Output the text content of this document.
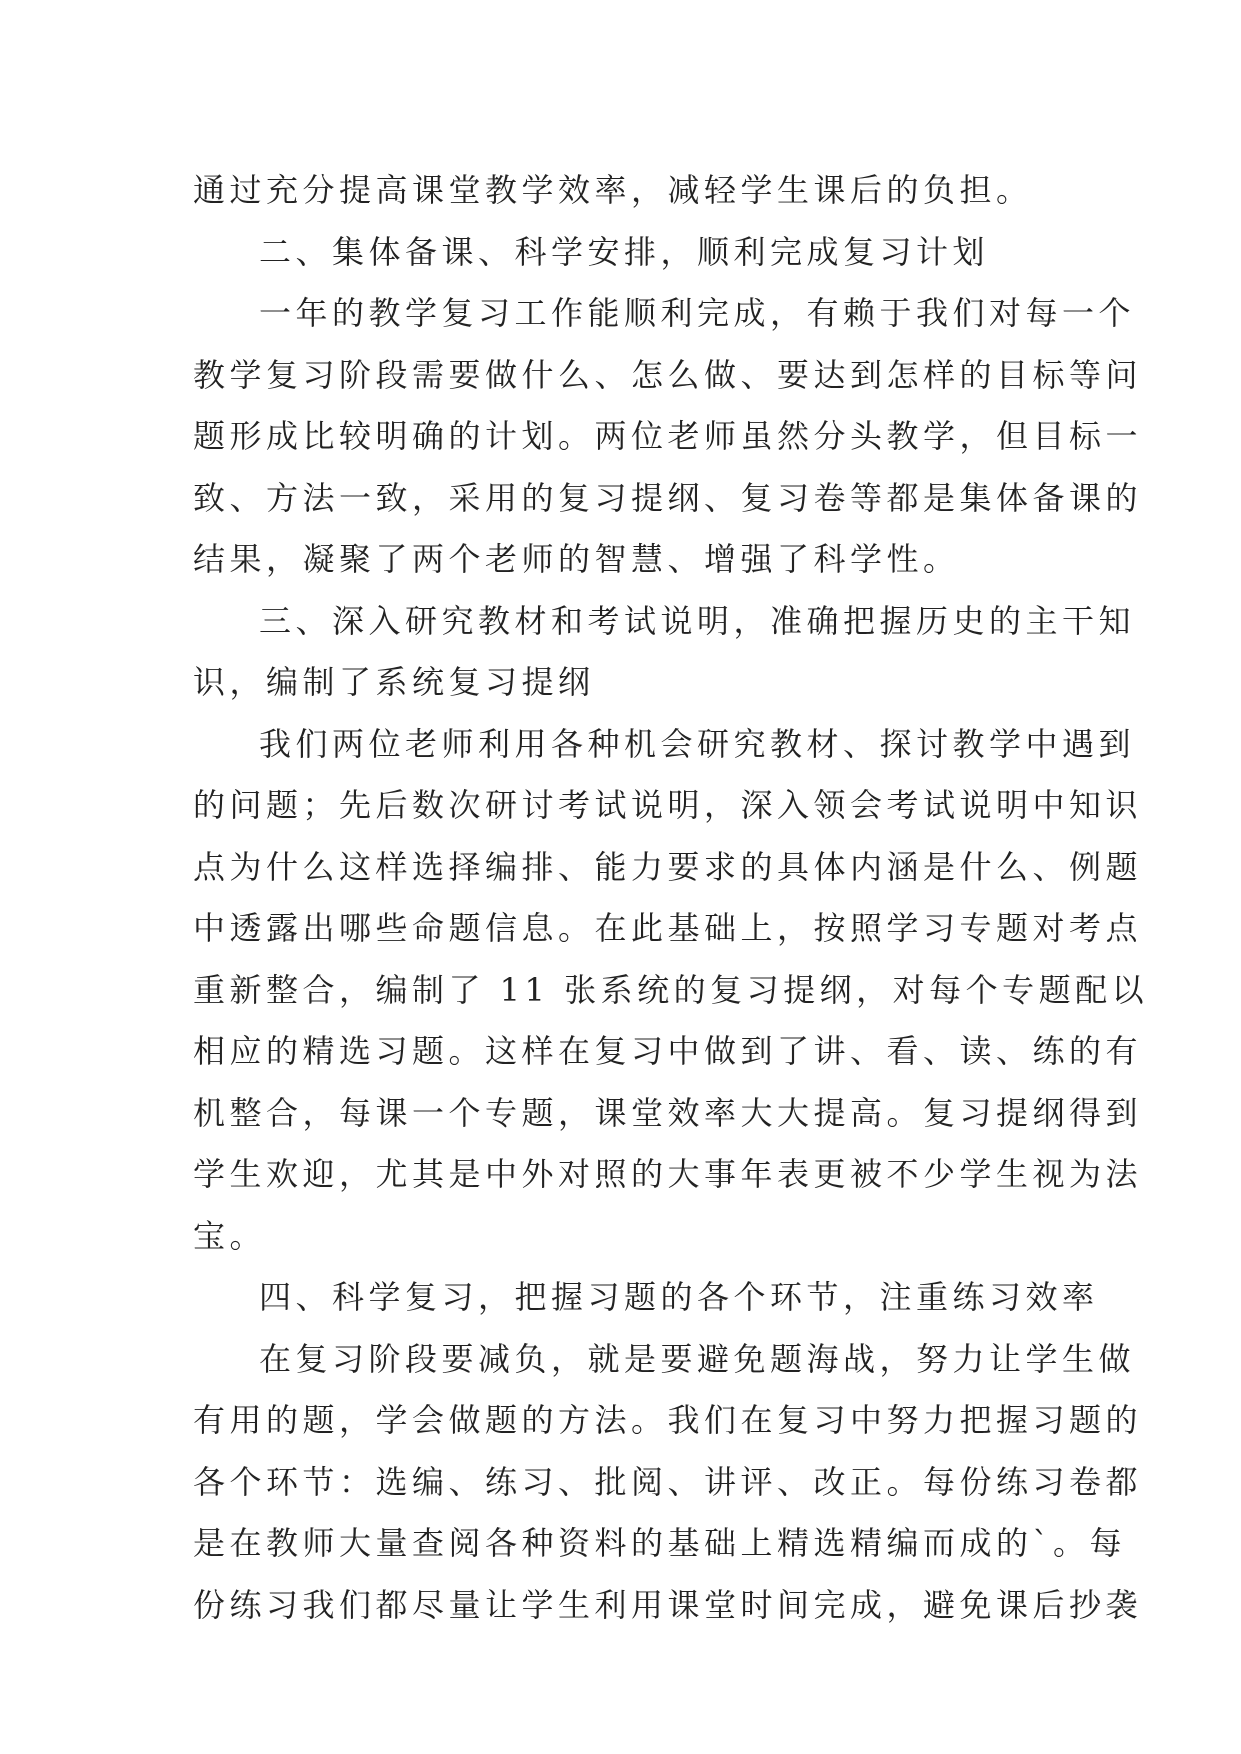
通过充分提高课堂教学效率，减轻学生课后的负担。
二、集体备课、科学安排，顺利完成复习计划
一年的教学复习工作能顺利完成，有赖于我们对每一个
教学复习阶段需要做什么、怎么做、要达到怎样的目标等问
题形成比较明确的计划。两位老师虽然分头教学，但目标一
致、方法一致，采用的复习提纲、复习卷等都是集体备课的
结果，凝聚了两个老师的智慧、增强了科学性。
三、深入研究教材和考试说明，准确把握历史的主干知
识，编制了系统复习提纲
我们两位老师利用各种机会研究教材、探讨教学中遇到
的问题；先后数次研讨考试说明，深入领会考试说明中知识
点为什么这样选择编排、能力要求的具体内涵是什么、例题
中透露出哪些命题信息。在此基础上，按照学习专题对考点
重新整合，编制了 11 张系统的复习提纲，对每个专题配以
相应的精选习题。这样在复习中做到了讲、看、读、练的有
机整合，每课一个专题，课堂效率大大提高。复习提纲得到
学生欢迎，尤其是中外对照的大事年表更被不少学生视为法
宝。
四、科学复习，把握习题的各个环节，注重练习效率
在复习阶段要减负，就是要避免题海战，努力让学生做
有用的题，学会做题的方法。我们在复习中努力把握习题的
各个环节：选编、练习、批阅、讲评、改正。每份练习卷都
是在教师大量查阅各种资料的基础上精选精编而成的`。每
份练习我们都尽量让学生利用课堂时间完成，避免课后抄袭
